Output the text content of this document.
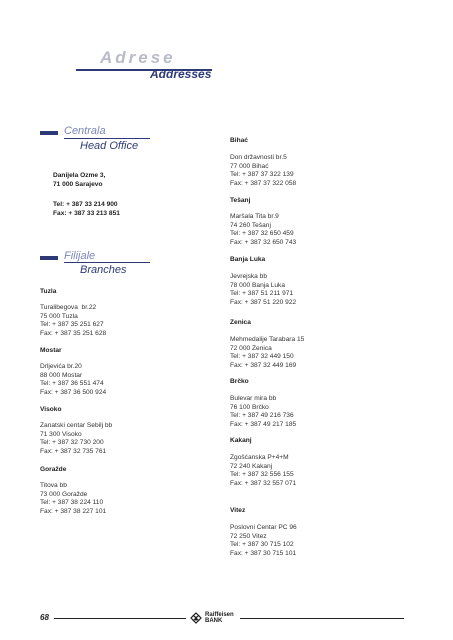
Adrese
Addresses
Centrala
Head Office
Danijela Ozme 3,
71 000 Sarajevo
Tel: + 387 33 214 900
Fax: + 387 33 213 851
Filijale
Branches
Tuzla
Turalibegova  br.22
75 000 Tuzla
Tel: + 387 35 251 627
Fax: + 387 35 251 628
Mostar
Drljevića br.20
88 000 Mostar
Tel: + 387 36 551 474
Fax: + 387 36 500 924
Visoko
Zanatski centar Sebilj bb
71 300 Visoko
Tel: + 387 32 730 200
Fax: + 387 32 735 761
Goražde
Titova bb
73 000 Goražde
Tel: + 387 38 224 110
Fax: + 387 38 227 101
Bihać
Don državnosti br.5
77 000 Bihać
Tel: + 387 37 322 139
Fax: + 387 37 322 058
Tešanj
Maršala Tita br.9
74 260 Tešanj
Tel: + 387 32 650 459
Fax: + 387 32 650 743
Banja Luka
Jevrejska bb
78 000 Banja Luka
Tel: + 387 51 211 971
Fax: + 387 51 220 922
Zenica
Mehmedalije Tarabara 15
72 000 Zenica
Tel: + 387 32 449 150
Fax: + 387 32 449 169
Brčko
Bulevar mira bb
76 100 Brčko
Tel: + 387 49 216 736
Fax: + 387 49 217 185
Kakanj
Zgošćanska P+4+M
72 240 Kakanj
Tel: + 387 32 556 155
Fax: + 387 32 557 071
Vitez
Poslovni Centar PC 96
72 250 Vitez
Tel: + 387 30 715 102
Fax: + 387 30 715 101
68	Raiffeisen
BANK
